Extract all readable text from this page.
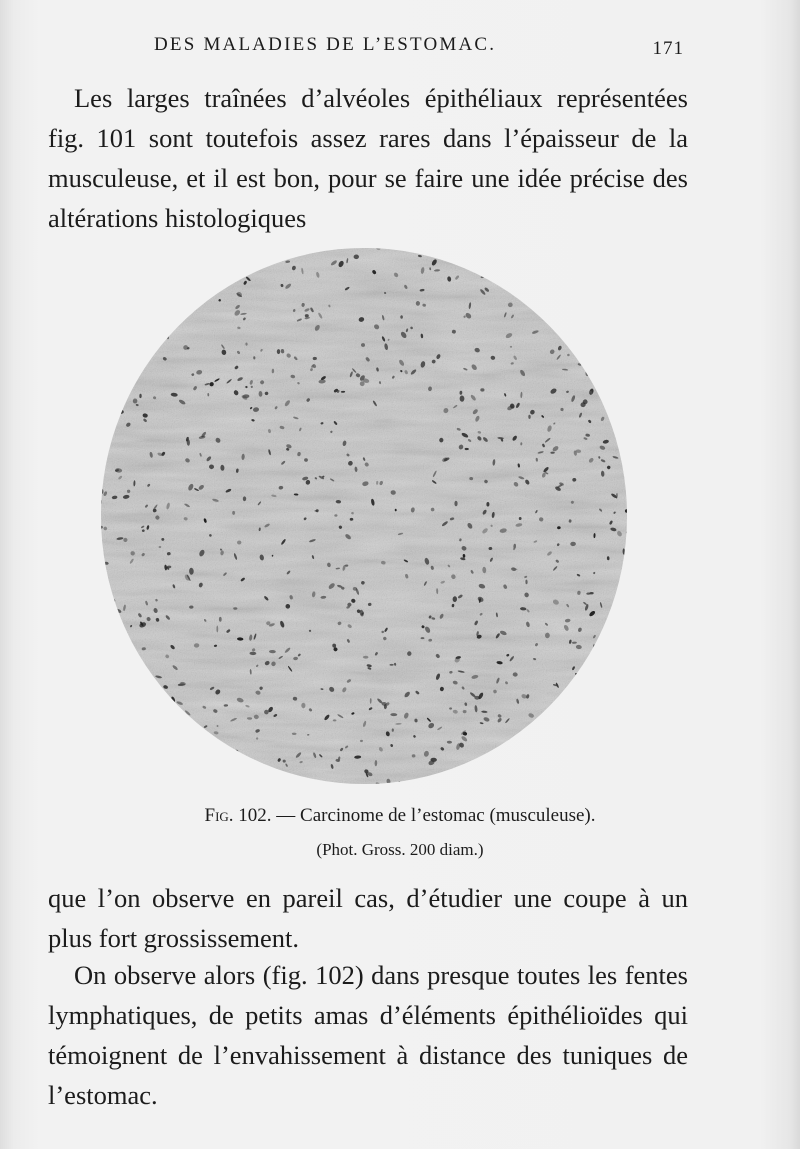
DES MALADIES DE L’ESTOMAC.	171

Les larges traînées d’alvéoles épithéliaux représentées fig. 101 sont toutefois assez rares dans l’épaisseur de la musculeuse, et il est bon, pour se faire une idée précise des altérations histologiques

Fig. 102. — Carcinome de l’estomac (musculeuse).
(Phot. Gross. 200 diam.)

que l’on observe en pareil cas, d’étudier une coupe à un plus fort grossissement.

On observe alors (fig. 102) dans presque toutes les fentes lymphatiques, de petits amas d’éléments épithélioïdes qui témoignent de l’envahissement à distance des tuniques de l’estomac.
